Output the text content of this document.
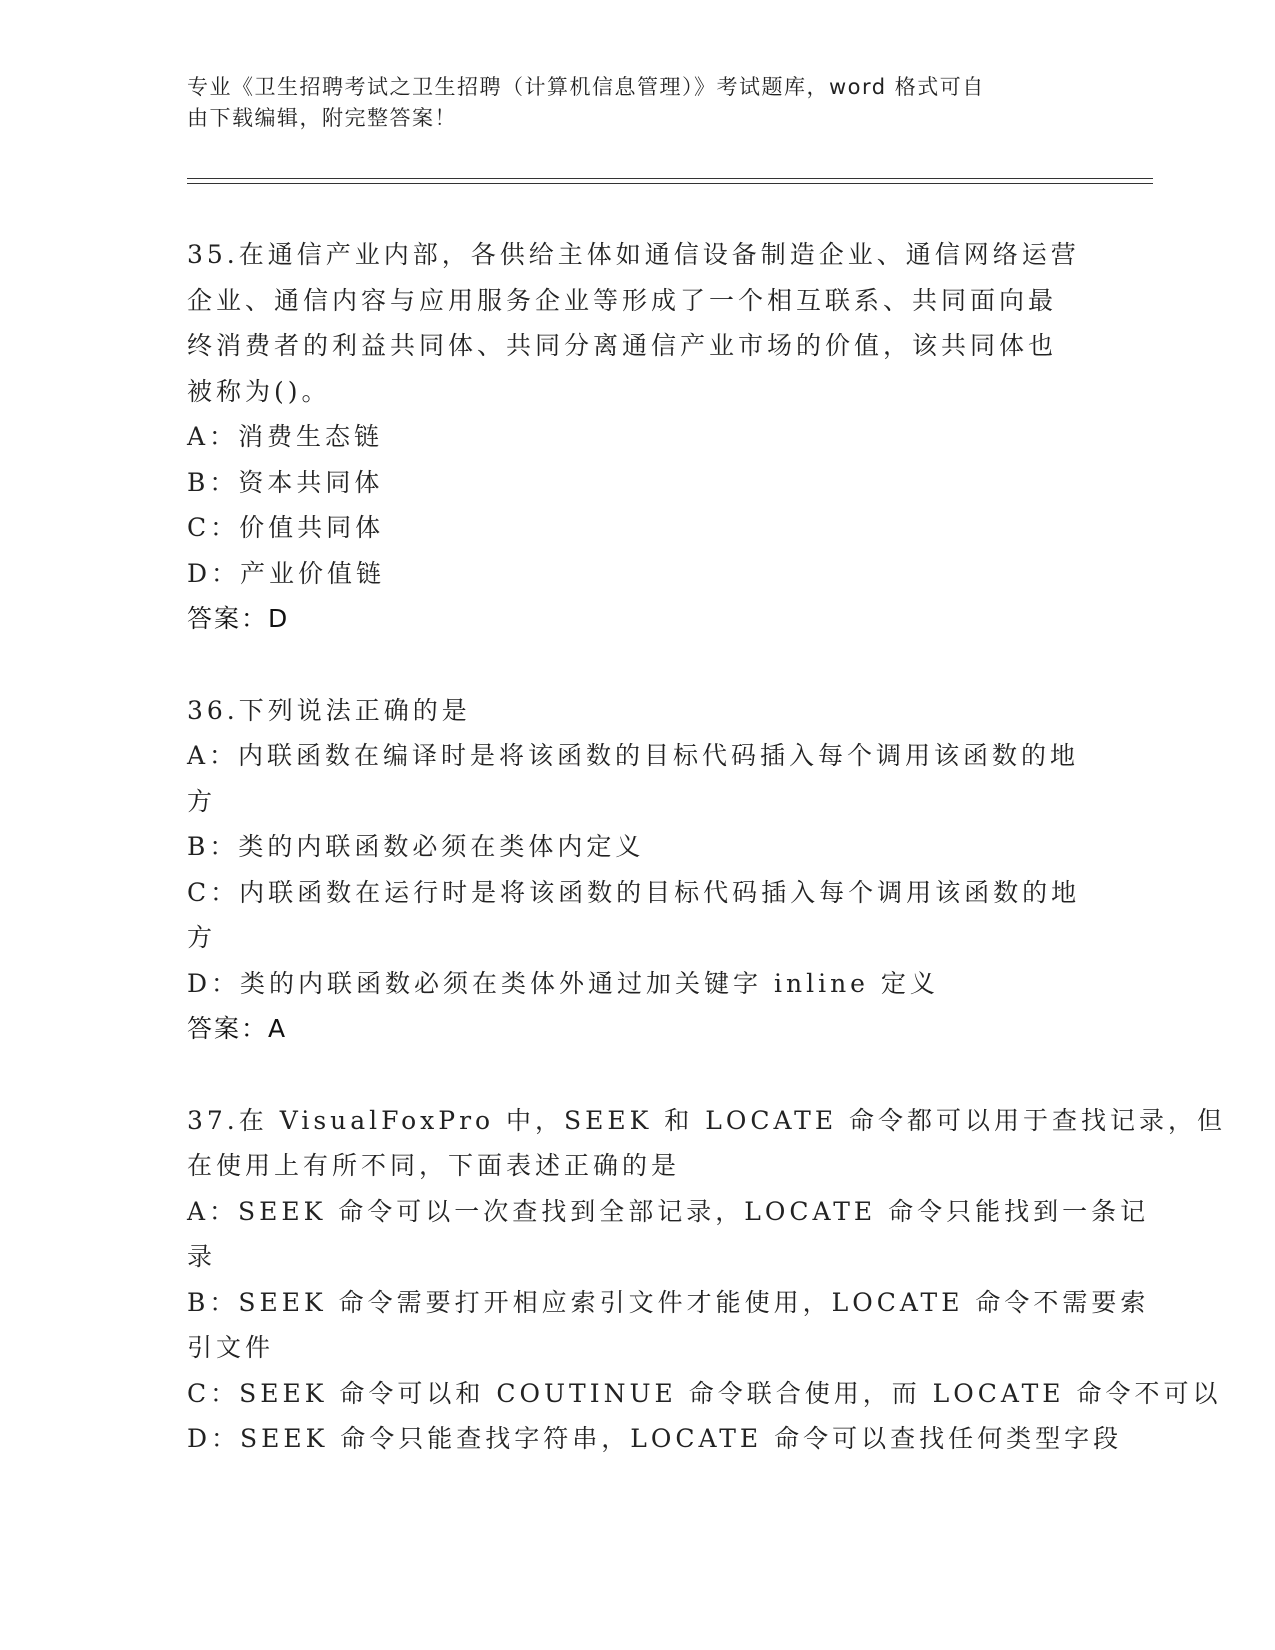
专业《卫生招聘考试之卫生招聘（计算机信息管理）》考试题库，word 格式可自
由下载编辑，附完整答案！
35.在通信产业内部，各供给主体如通信设备制造企业、通信网络运营
企业、通信内容与应用服务企业等形成了一个相互联系、共同面向最
终消费者的利益共同体、共同分离通信产业市场的价值，该共同体也
被称为()。
A：消费生态链
B：资本共同体
C：价值共同体
D：产业价值链
答案：D
36.下列说法正确的是
A：内联函数在编译时是将该函数的目标代码插入每个调用该函数的地
方
B：类的内联函数必须在类体内定义
C：内联函数在运行时是将该函数的目标代码插入每个调用该函数的地
方
D：类的内联函数必须在类体外通过加关键字 inline 定义
答案：A
37.在 VisualFoxPro 中，SEEK 和 LOCATE 命令都可以用于查找记录，但
在使用上有所不同，下面表述正确的是
A：SEEK 命令可以一次查找到全部记录，LOCATE 命令只能找到一条记
录
B：SEEK 命令需要打开相应索引文件才能使用，LOCATE 命令不需要索
引文件
C：SEEK 命令可以和 COUTINUE 命令联合使用，而 LOCATE 命令不可以
D：SEEK 命令只能查找字符串，LOCATE 命令可以查找任何类型字段
